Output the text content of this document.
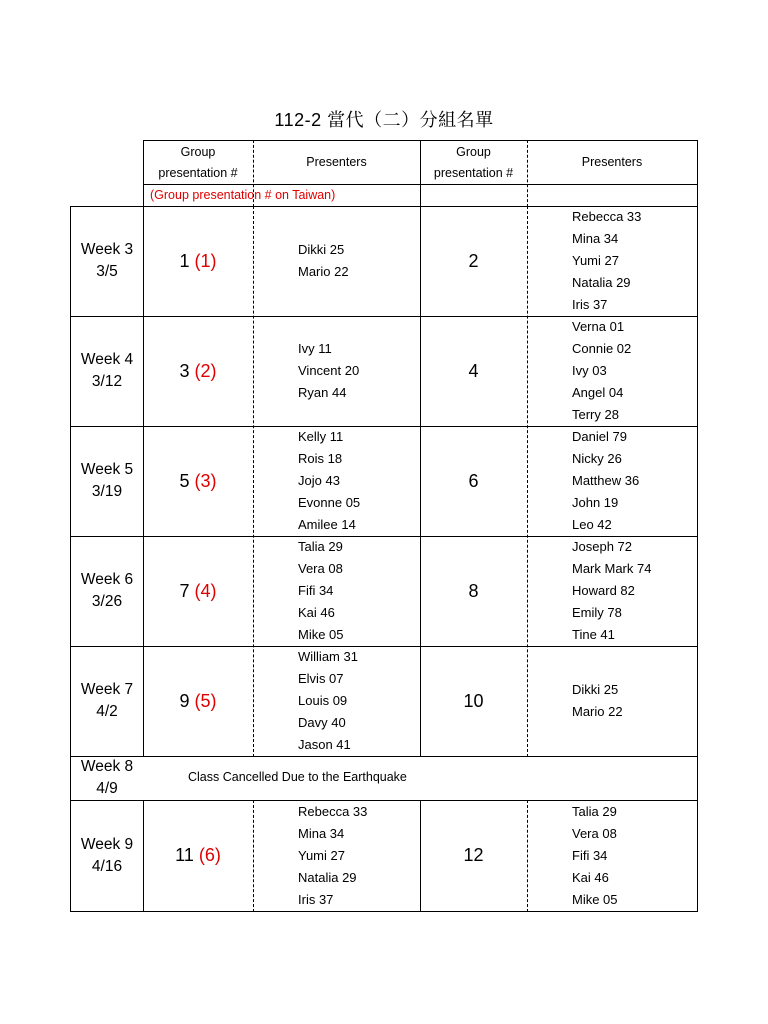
112-2 當代（二）分組名單
Group
presentation #
Presenters
Group
presentation #
Presenters
(Group presentation # on Taiwan)
Week 3
3/5
1
(1)
Dikki 25
Mario 22
2
Rebecca 33
Mina 34
Yumi 27
Natalia 29
Iris 37
Week 4
3/12
3
(2)
Ivy 11
Vincent 20
Ryan 44
4
Verna 01
Connie 02
Ivy 03
Angel 04
Terry 28
Week 5
3/19
5
(3)
Kelly 11
Rois 18
Jojo 43
Evonne 05
Amilee 14
6
Daniel 79
Nicky 26
Matthew 36
John 19
Leo 42
Week 6
3/26
7
(4)
Talia 29
Vera 08
Fifi 34
Kai 46
Mike 05
8
Joseph 72
Mark Mark 74
Howard 82
Emily 78
Tine 41
Week 7
4/2
9
(5)
William 31
Elvis 07
Louis 09
Davy 40
Jason 41
10
Dikki 25
Mario 22
Week 8
4/9
Class Cancelled Due to the Earthquake
Week 9
4/16
11
(6)
Rebecca 33
Mina 34
Yumi 27
Natalia 29
Iris 37
12
Talia 29
Vera 08
Fifi 34
Kai 46
Mike 05
